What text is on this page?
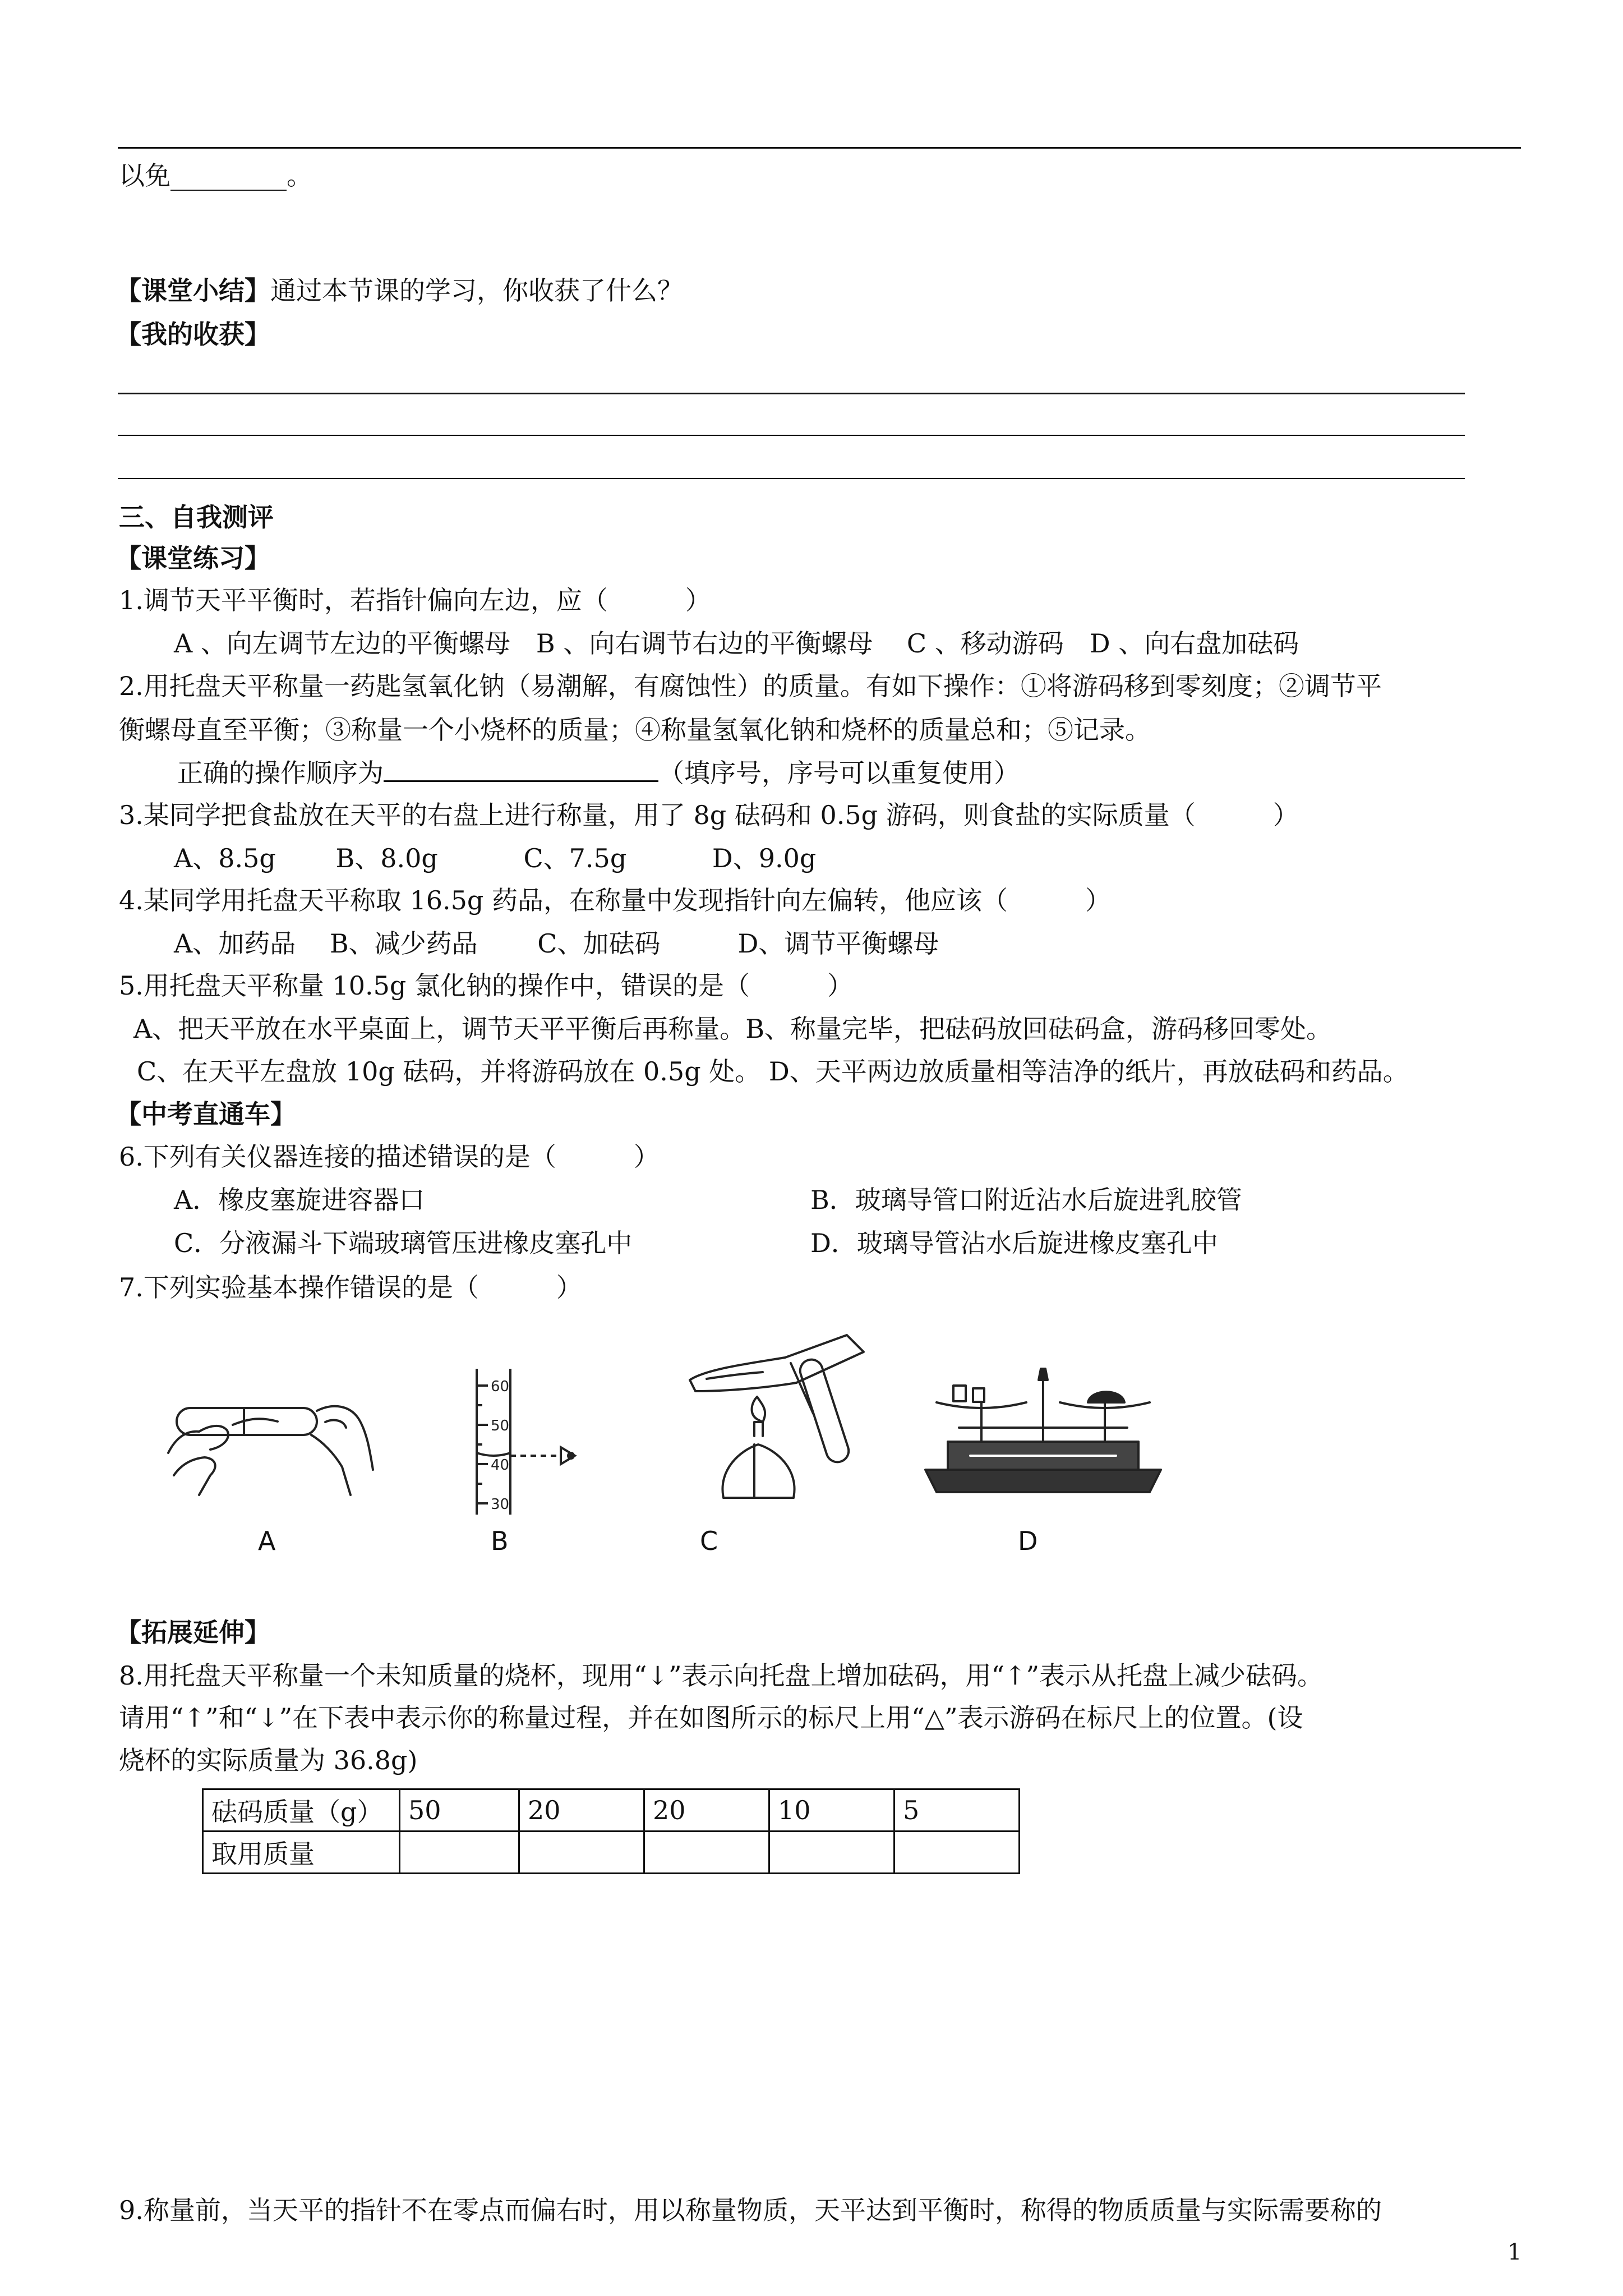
以免_________。
【课堂小结】通过本节课的学习，你收获了什么？
【我的收获】
三、自我测评
【课堂练习】
1.调节天平平衡时，若指针偏向左边，应（　　　）
A 、向左调节左边的平衡螺母　B 、向右调节右边的平衡螺母　 C 、移动游码　D 、向右盘加砝码
2.用托盘天平称量一药匙氢氧化钠（易潮解，有腐蚀性）的质量。有如下操作：①将游码移到零刻度；②调节平
衡螺母直至平衡；③称量一个小烧杯的质量；④称量氢氧化钠和烧杯的质量总和；⑤记录。
正确的操作顺序为	（填序号，序号可以重复使用）
3.某同学把食盐放在天平的右盘上进行称量，用了 8g 砝码和 0.5g 游码，则食盐的实际质量（　　　）
A、8.5g　　 B、8.0g　　　 C、7.5g　　　 D、9.0g
4.某同学用托盘天平称取 16.5g 药品，在称量中发现指针向左偏转，他应该（　　　）
A、加药品　 B、减少药品　　 C、加砝码　　　D、调节平衡螺母
5.用托盘天平称量 10.5g 氯化钠的操作中，错误的是（　　　）
A、把天平放在水平桌面上，调节天平平衡后再称量。B、称量完毕，把砝码放回砝码盒，游码移回零处。
C、在天平左盘放 10g 砝码，并将游码放在 0.5g 处。 D、天平两边放质量相等洁净的纸片，再放砝码和药品。
【中考直通车】
6.下列有关仪器连接的描述错误的是（　　　）
A．橡皮塞旋进容器口	B．玻璃导管口附近沾水后旋进乳胶管
C．分液漏斗下端玻璃管压进橡皮塞孔中	D．玻璃导管沾水后旋进橡皮塞孔中
7.下列实验基本操作错误的是（　　　）
A
60
50
40
30
B	C	D
【拓展延伸】
8.用托盘天平称量一个未知质量的烧杯，现用“↓”表示向托盘上增加砝码，用“↑”表示从托盘上减少砝码。
请用“↑”和“↓”在下表中表示你的称量过程，并在如图所示的标尺上用“△”表示游码在标尺上的位置。(设
烧杯的实际质量为 36.8g)
砝码质量（g）	50	20	20	10	5
取用质量					
9.称量前，当天平的指针不在零点而偏右时，用以称量物质，天平达到平衡时，称得的物质质量与实际需要称的
1
